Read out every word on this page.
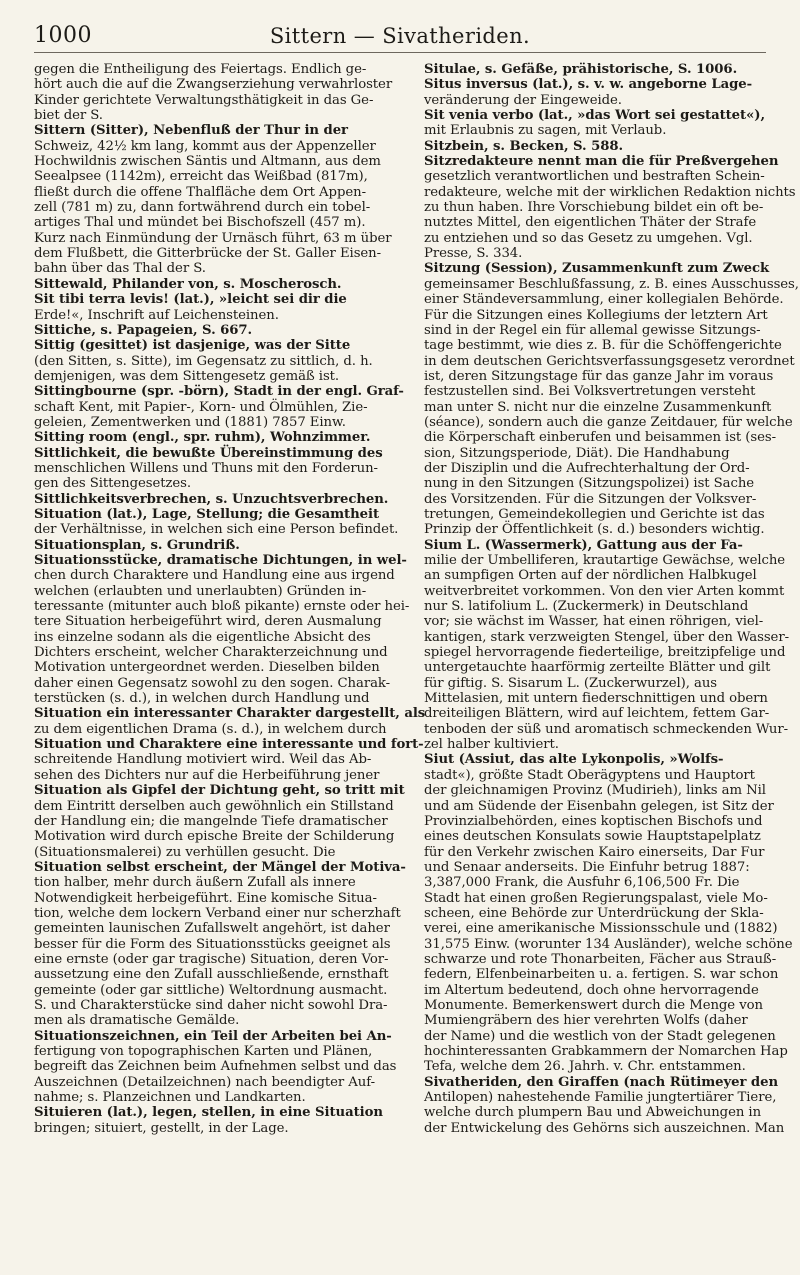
1000	Sittern — Sivatheriden.
gegen die Entheiligung des Feiertags. Endlich ge-
hört auch die auf die Zwangserziehung verwahrloster
Kinder gerichtete Verwaltungsthätigkeit in das Ge-
biet der S.
Sittern (Sitter), Nebenfluß der Thur in der
Schweiz, 42½ km lang, kommt aus der Appenzeller
Hochwildnis zwischen Säntis und Altmann, aus dem
Seealpsee (1142m), erreicht das Weißbad (817m),
fließt durch die offene Thalfläche dem Ort Appen-
zell (781 m) zu, dann fortwährend durch ein tobel-
artiges Thal und mündet bei Bischofszell (457 m).
Kurz nach Einmündung der Urnäsch führt, 63 m über
dem Flußbett, die Gitterbrücke der St. Galler Eisen-
bahn über das Thal der S.
Sittewald, Philander von, s. Moscherosch.
Sit tibi terra levis! (lat.), »leicht sei dir die
Erde!«, Inschrift auf Leichensteinen.
Sittiche, s. Papageien, S. 667.
Sittig (gesittet) ist dasjenige, was der Sitte
(den Sitten, s. Sitte), im Gegensatz zu sittlich, d. h.
demjenigen, was dem Sittengesetz gemäß ist.
Sittingbourne (spr. -börn), Stadt in der engl. Graf-
schaft Kent, mit Papier-, Korn- und Ölmühlen, Zie-
geleien, Zementwerken und (1881) 7857 Einw.
Sitting room (engl., spr. ruhm), Wohnzimmer.
Sittlichkeit, die bewußte Übereinstimmung des
menschlichen Willens und Thuns mit den Forderun-
gen des Sittengesetzes.
Sittlichkeitsverbrechen, s. Unzuchtsverbrechen.
Situation (lat.), Lage, Stellung; die Gesamtheit
der Verhältnisse, in welchen sich eine Person befindet.
Situationsplan, s. Grundriß.
Situationsstücke, dramatische Dichtungen, in wel-
chen durch Charaktere und Handlung eine aus irgend
welchen (erlaubten und unerlaubten) Gründen in-
teressante (mitunter auch bloß pikante) ernste oder hei-
tere Situation herbeigeführt wird, deren Ausmalung
ins einzelne sodann als die eigentliche Absicht des
Dichters erscheint, welcher Charakterzeichnung und
Motivation untergeordnet werden. Dieselben bilden
daher einen Gegensatz sowohl zu den sogen. Charak-
terstücken (s. d.), in welchen durch Handlung und
Situation ein interessanter Charakter dargestellt, als
zu dem eigentlichen Drama (s. d.), in welchem durch
Situation und Charaktere eine interessante und fort-
schreitende Handlung motiviert wird. Weil das Ab-
sehen des Dichters nur auf die Herbeiführung jener
Situation als Gipfel der Dichtung geht, so tritt mit
dem Eintritt derselben auch gewöhnlich ein Stillstand
der Handlung ein; die mangelnde Tiefe dramatischer
Motivation wird durch epische Breite der Schilderung
(Situationsmalerei) zu verhüllen gesucht. Die
Situation selbst erscheint, der Mängel der Motiva-
tion halber, mehr durch äußern Zufall als innere
Notwendigkeit herbeigeführt. Eine komische Situa-
tion, welche dem lockern Verband einer nur scherzhaft
gemeinten launischen Zufallswelt angehört, ist daher
besser für die Form des Situationsstücks geeignet als
eine ernste (oder gar tragische) Situation, deren Vor-
aussetzung eine den Zufall ausschließende, ernsthaft
gemeinte (oder gar sittliche) Weltordnung ausmacht.
S. und Charakterstücke sind daher nicht sowohl Dra-
men als dramatische Gemälde.
Situationszeichnen, ein Teil der Arbeiten bei An-
fertigung von topographischen Karten und Plänen,
begreift das Zeichnen beim Aufnehmen selbst und das
Auszeichnen (Detailzeichnen) nach beendigter Auf-
nahme; s. Planzeichnen und Landkarten.
Situieren (lat.), legen, stellen, in eine Situation
bringen; situiert, gestellt, in der Lage.
Situlae, s. Gefäße, prähistorische, S. 1006.
Situs inversus (lat.), s. v. w. angeborne Lage-
veränderung der Eingeweide.
Sit venia verbo (lat., »das Wort sei gestattet«),
mit Erlaubnis zu sagen, mit Verlaub.
Sitzbein, s. Becken, S. 588.
Sitzredakteure nennt man die für Preßvergehen
gesetzlich verantwortlichen und bestraften Schein-
redakteure, welche mit der wirklichen Redaktion nichts
zu thun haben. Ihre Vorschiebung bildet ein oft be-
nutztes Mittel, den eigentlichen Thäter der Strafe
zu entziehen und so das Gesetz zu umgehen. Vgl.
Presse, S. 334.
Sitzung (Session), Zusammenkunft zum Zweck
gemeinsamer Beschlußfassung, z. B. eines Ausschusses,
einer Ständeversammlung, einer kollegialen Behörde.
Für die Sitzungen eines Kollegiums der letztern Art
sind in der Regel ein für allemal gewisse Sitzungs-
tage bestimmt, wie dies z. B. für die Schöffengerichte
in dem deutschen Gerichtsverfassungsgesetz verordnet
ist, deren Sitzungstage für das ganze Jahr im voraus
festzustellen sind. Bei Volksvertretungen versteht
man unter S. nicht nur die einzelne Zusammenkunft
(séance), sondern auch die ganze Zeitdauer, für welche
die Körperschaft einberufen und beisammen ist (ses-
sion, Sitzungsperiode, Diät). Die Handhabung
der Disziplin und die Aufrechterhaltung der Ord-
nung in den Sitzungen (Sitzungspolizei) ist Sache
des Vorsitzenden. Für die Sitzungen der Volksver-
tretungen, Gemeindekollegien und Gerichte ist das
Prinzip der Öffentlichkeit (s. d.) besonders wichtig.
Sium L. (Wassermerk), Gattung aus der Fa-
milie der Umbelliferen, krautartige Gewächse, welche
an sumpfigen Orten auf der nördlichen Halbkugel
weitverbreitet vorkommen. Von den vier Arten kommt
nur S. latifolium L. (Zuckermerk) in Deutschland
vor; sie wächst im Wasser, hat einen röhrigen, viel-
kantigen, stark verzweigten Stengel, über den Wasser-
spiegel hervorragende fiederteilige, breitzipfelige und
untergetauchte haarförmig zerteilte Blätter und gilt
für giftig. S. Sisarum L. (Zuckerwurzel), aus
Mittelasien, mit untern fiederschnittigen und obern
dreiteiligen Blättern, wird auf leichtem, fettem Gar-
tenboden der süß und aromatisch schmeckenden Wur-
zel halber kultiviert.
Siut (Assiut, das alte Lykonpolis, »Wolfs-
stadt«), größte Stadt Oberägyptens und Hauptort
der gleichnamigen Provinz (Mudirieh), links am Nil
und am Südende der Eisenbahn gelegen, ist Sitz der
Provinzialbehörden, eines koptischen Bischofs und
eines deutschen Konsulats sowie Hauptstapelplatz
für den Verkehr zwischen Kairo einerseits, Dar Fur
und Senaar anderseits. Die Einfuhr betrug 1887:
3,387,000 Frank, die Ausfuhr 6,106,500 Fr. Die
Stadt hat einen großen Regierungspalast, viele Mo-
scheen, eine Behörde zur Unterdrückung der Skla-
verei, eine amerikanische Missionsschule und (1882)
31,575 Einw. (worunter 134 Ausländer), welche schöne
schwarze und rote Thonarbeiten, Fächer aus Strauß-
federn, Elfenbeinarbeiten u. a. fertigen. S. war schon
im Altertum bedeutend, doch ohne hervorragende
Monumente. Bemerkenswert durch die Menge von
Mumiengräbern des hier verehrten Wolfs (daher
der Name) und die westlich von der Stadt gelegenen
hochinteressanten Grabkammern der Nomarchen Hap
Tefa, welche dem 26. Jahrh. v. Chr. entstammen.
Sivatheriden, den Giraffen (nach Rütimeyer den
Antilopen) nahestehende Familie jungtertiärer Tiere,
welche durch plumpern Bau und Abweichungen in
der Entwickelung des Gehörns sich auszeichnen. Man
